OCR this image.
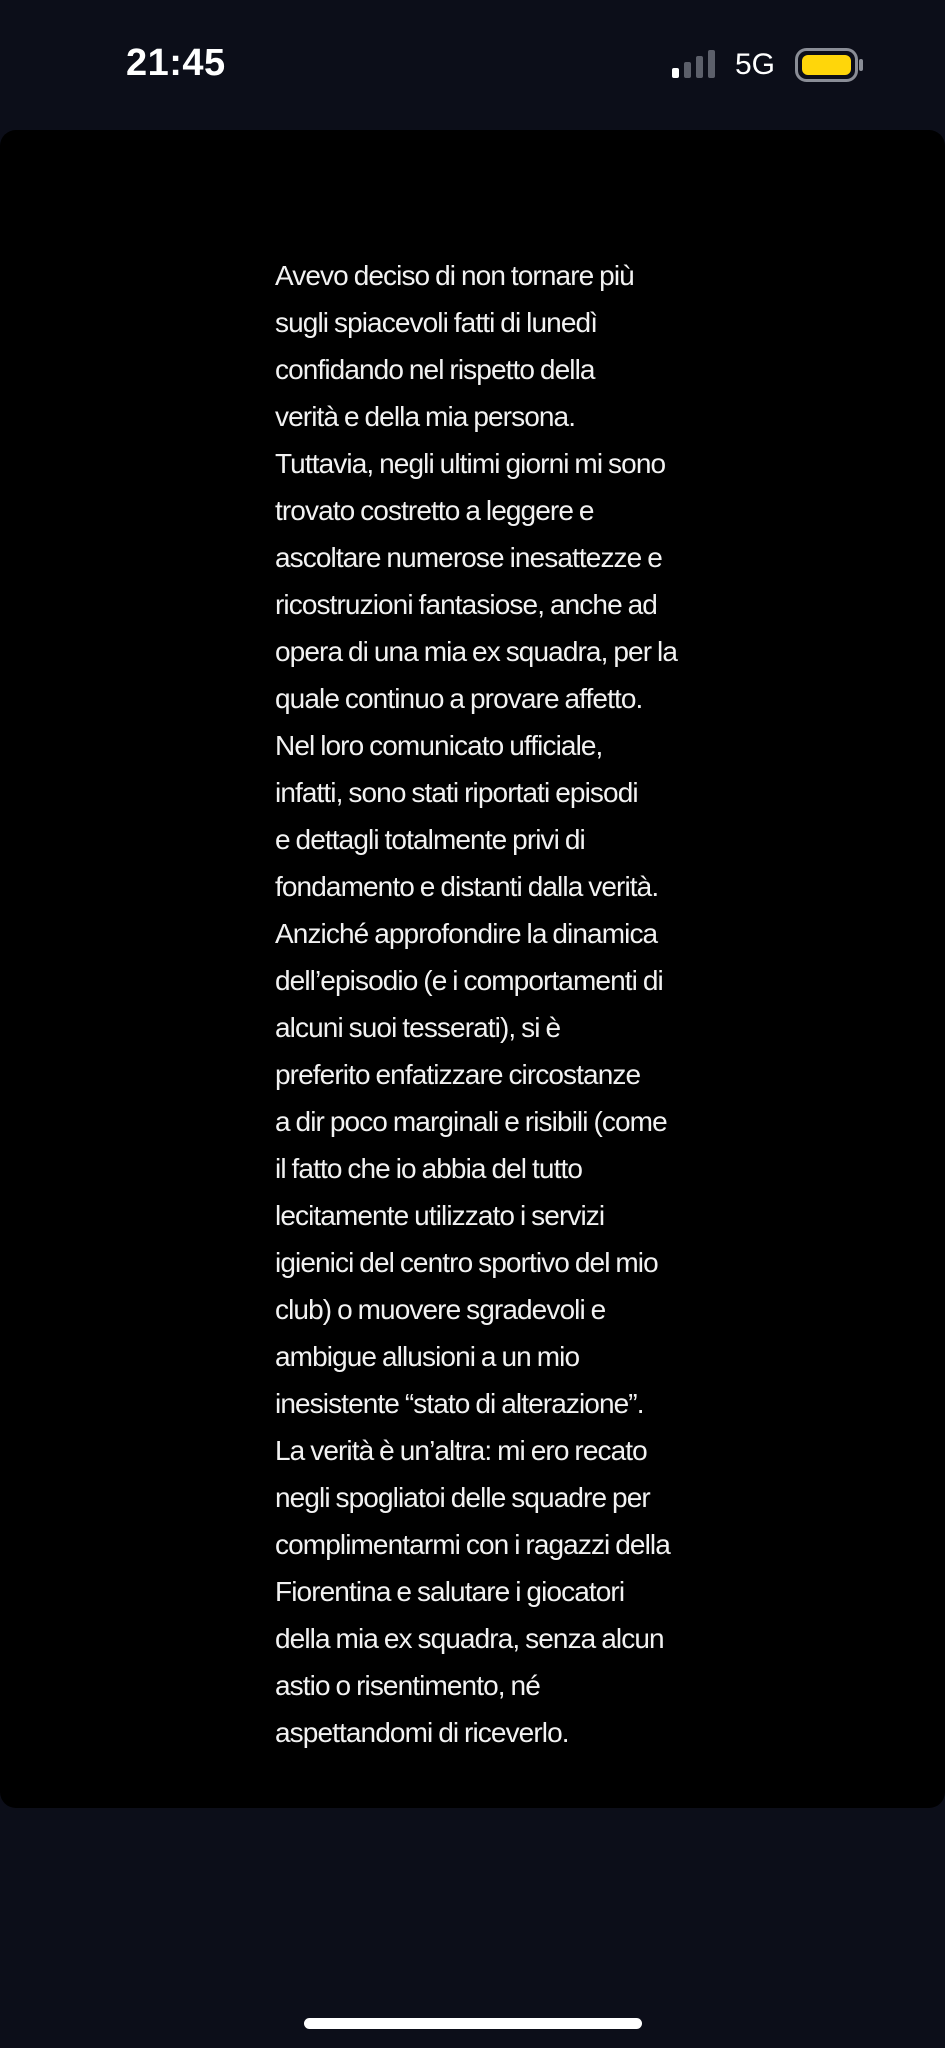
21:45	5G
Avevo deciso di non tornare più
sugli spiacevoli fatti di lunedì
confidando nel rispetto della
verità e della mia persona.
Tuttavia, negli ultimi giorni mi sono
trovato costretto a leggere e
ascoltare numerose inesattezze e
ricostruzioni fantasiose, anche ad
opera di una mia ex squadra, per la
quale continuo a provare affetto.
Nel loro comunicato ufficiale,
infatti, sono stati riportati episodi
e dettagli totalmente privi di
fondamento e distanti dalla verità.
Anziché approfondire la dinamica
dell’episodio (e i comportamenti di
alcuni suoi tesserati), si è
preferito enfatizzare circostanze
a dir poco marginali e risibili (come
il fatto che io abbia del tutto
lecitamente utilizzato i servizi
igienici del centro sportivo del mio
club) o muovere sgradevoli e
ambigue allusioni a un mio
inesistente “stato di alterazione”.
La verità è un’altra: mi ero recato
negli spogliatoi delle squadre per
complimentarmi con i ragazzi della
Fiorentina e salutare i giocatori
della mia ex squadra, senza alcun
astio o risentimento, né
aspettandomi di riceverlo.
